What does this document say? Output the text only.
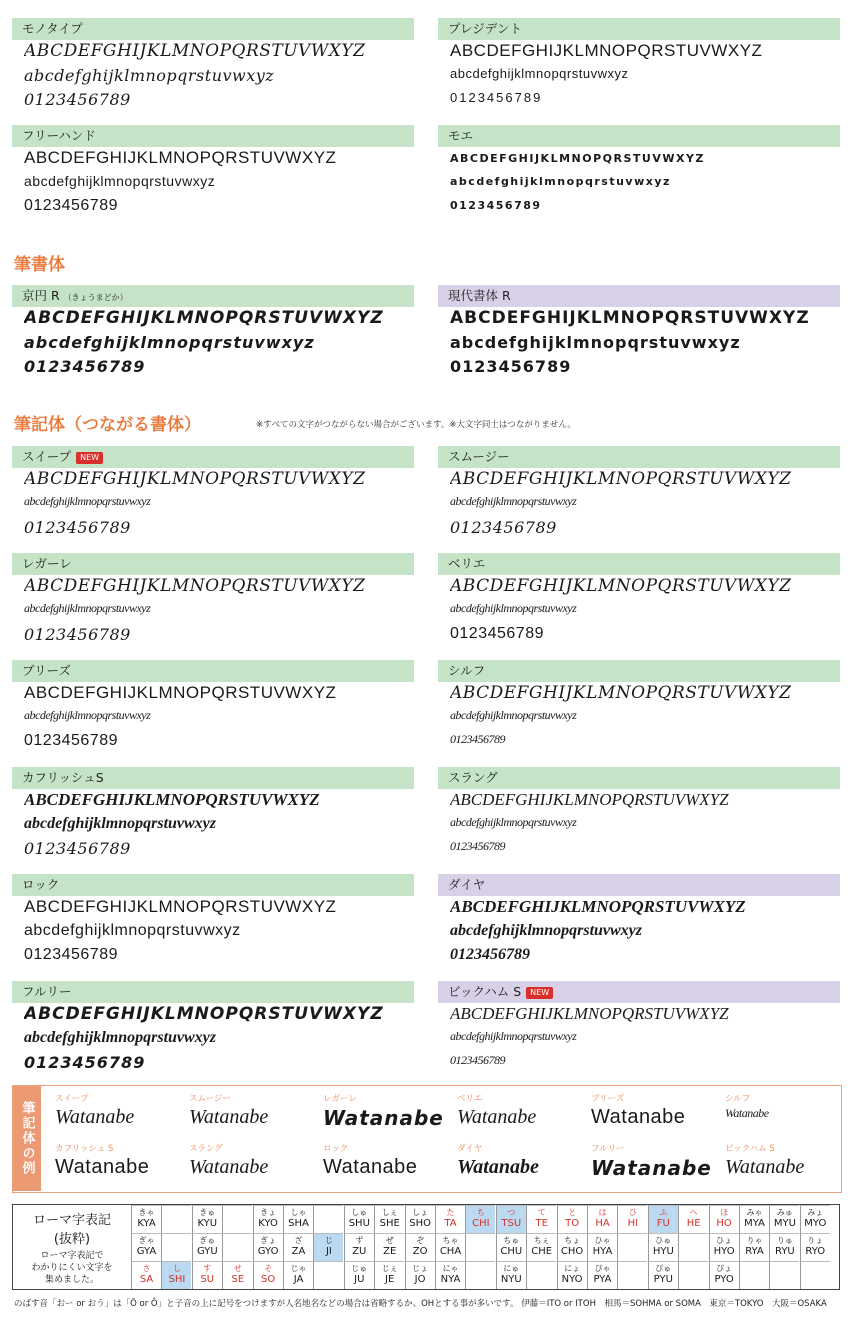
モノタイプ
ABCDEFGHIJKLMNOPQRSTUVWXYZ
abcdefghijklmnopqrstuvwxyz
0123456789
プレジデント
ABCDEFGHIJKLMNOPQRSTUVWXYZ
abcdefghijklmnopqrstuvwxyz
0123456789
フリーハンド
ABCDEFGHIJKLMNOPQRSTUVWXYZ
abcdefghijklmnopqrstuvwxyz
0123456789
モエ
ABCDEFGHIJKLMNOPQRSTUVWXYZ
abcdefghijklmnopqrstuvwxyz
0123456789
筆書体
京円 R （きょうまどか）
ABCDEFGHIJKLMNOPQRSTUVWXYZ
abcdefghijklmnopqrstuvwxyz
0123456789
現代書体 R
ABCDEFGHIJKLMNOPQRSTUVWXYZ
abcdefghijklmnopqrstuvwxyz
0123456789
筆記体（つながる書体）	※すべての文字がつながらない場合がございます。※大文字同士はつながりません。
スイープ NEW
ABCDEFGHIJKLMNOPQRSTUVWXYZ
abcdefghijklmnopqrstuvwxyz
0123456789
スムージー
ABCDEFGHIJKLMNOPQRSTUVWXYZ
abcdefghijklmnopqrstuvwxyz
0123456789
レガーレ
ABCDEFGHIJKLMNOPQRSTUVWXYZ
abcdefghijklmnopqrstuvwxyz
0123456789
ベリエ
ABCDEFGHIJKLMNOPQRSTUVWXYZ
abcdefghijklmnopqrstuvwxyz
0123456789
ブリーズ
ABCDEFGHIJKLMNOPQRSTUVWXYZ
abcdefghijklmnopqrstuvwxyz
0123456789
シルフ
ABCDEFGHIJKLMNOPQRSTUVWXYZ
abcdefghijklmnopqrstuvwxyz
0123456789
カフリッシュS
ABCDEFGHIJKLMNOPQRSTUVWXYZ
abcdefghijklmnopqrstuvwxyz
0123456789
スラング
ABCDEFGHIJKLMNOPQRSTUVWXYZ
abcdefghijklmnopqrstuvwxyz
0123456789
ロック
ABCDEFGHIJKLMNOPQRSTUVWXYZ
abcdefghijklmnopqrstuvwxyz
0123456789
ダイヤ
ABCDEFGHIJKLMNOPQRSTUVWXYZ
abcdefghijklmnopqrstuvwxyz
0123456789
フルリー
ABCDEFGHIJKLMNOPQRSTUVWXYZ
abcdefghijklmnopqrstuvwxyz
0123456789
ビックハム S NEW
ABCDEFGHIJKLMNOPQRSTUVWXYZ
abcdefghijklmnopqrstuvwxyz
0123456789
筆記体の例
スイープ
Watanabe
スムージー
Watanabe
レガーレ
Watanabe
ベリエ
Watanabe
ブリーズ
Watanabe
シルフ
Watanabe
カフリッシュ S
Watanabe
スラング
Watanabe
ロック
Watanabe
ダイヤ
Watanabe
フルリー
Watanabe
ビックハム S
Watanabe
ローマ字表記
(抜粋)
ローマ字表記で
わかりにくい文字を
集めました。
きゃ
KYA
きゅ
KYU
きょ
KYO
しゃ
SHA
しゅ
SHU
しぇ
SHE
しょ
SHO
た
TA
ち
CHI
つ
TSU
て
TE
と
TO
は
HA
ひ
HI
ふ
FU
へ
HE
ほ
HO
みゃ
MYA
みゅ
MYU
みょ
MYO
ぎゃ
GYA
ぎゅ
GYU
ぎょ
GYO
ざ
ZA
じ
JI
ず
ZU
ぜ
ZE
ぞ
ZO
ちゃ
CHA
ちゅ
CHU
ちぇ
CHE
ちょ
CHO
ひゃ
HYA
ひゅ
HYU
ひょ
HYO
りゃ
RYA
りゅ
RYU
りょ
RYO
さ
SA
し
SHI
す
SU
せ
SE
そ
SO
じゃ
JA
じゅ
JU
じぇ
JE
じょ
JO
にゃ
NYA
にゅ
NYU
にょ
NYO
ぴゃ
PYA
ぴゅ
PYU
ぴょ
PYO
のばす音「おー or おう」は「Ō or Ô」と子音の上に記号をつけますが人名地名などの場合は省略するか、OHとする事が多いです。 伊藤＝ITO or ITOH　相馬＝SOHMA or SOMA　東京＝TOKYO　大阪＝OSAKA
